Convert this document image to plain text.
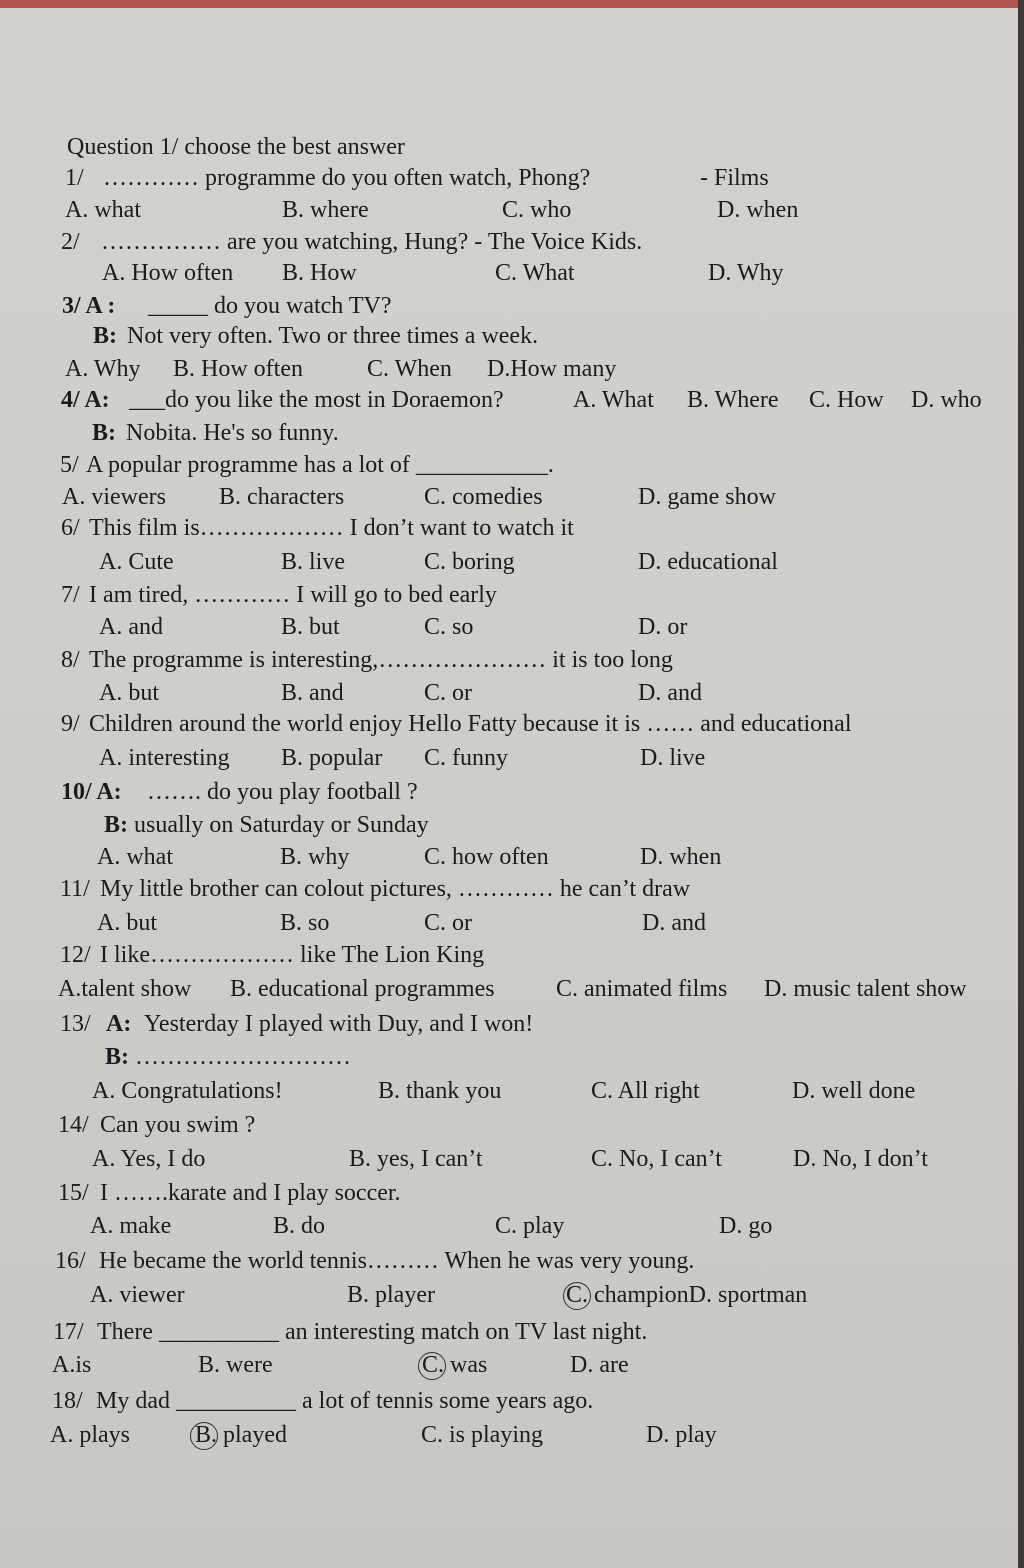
Question 1/ choose the best answer
1/ ………… programme do you often watch, Phong?	- Films
A. what	B. where	C. who	D. when
2/ …………… are you watching, Hung? - The Voice Kids.
A. How often B. How	C. What	D. Why
3/ A : _____ do you watch TV?
B: Not very often. Two or three times a week.
A. Why B. How often	C. When D.How many
4/ A: ___do you like the most in Doraemon?	A. What B. Where C. How D. who
B: Nobita. He's so funny.
5/ A popular programme has a lot of ___________.
A. viewers B. characters	C. comedies	D. game show
6/ This film is……………… I don’t want to watch it
A. Cute	B. live	C. boring	D. educational
7/ I am tired, ………… I will go to bed early
A. and	B. but	C. so	D. or
8/ The programme is interesting,………………… it is too long
A. but	B. and	C. or	D. and
9/ Children around the world enjoy Hello Fatty because it is …… and educational
A. interesting B. popular C. funny	D. live
10/ A: ……. do you play football ?
B: usually on Saturday or Sunday
A. what	B. why	C. how often	D. when
11/ My little brother can colout pictures, ………… he can’t draw
A. but	B. so	C. or	D. and
12/ I like……………… like The Lion King
A.talent show B. educational programmes	C. animated films D. music talent show
13/ A: Yesterday I played with Duy, and I won!
B: ………………………
A. Congratulations!	B. thank you	C. All right	D. well done
14/ Can you swim ?
A. Yes, I do	B. yes, I can’t	C. No, I can’t	D. No, I don’t
15/ I …….karate and I play soccer.
A. make	B. do	C. play	D. go
16/ He became the world tennis……… When he was very young.
A. viewer	B. player	C. championD. sportman
17/ There __________ an interesting match on TV last night.
A.is	B. were	C. was	D. are
18/ My dad __________ a lot of tennis some years ago.
A. plays	B. played	C. is playing	D. play
